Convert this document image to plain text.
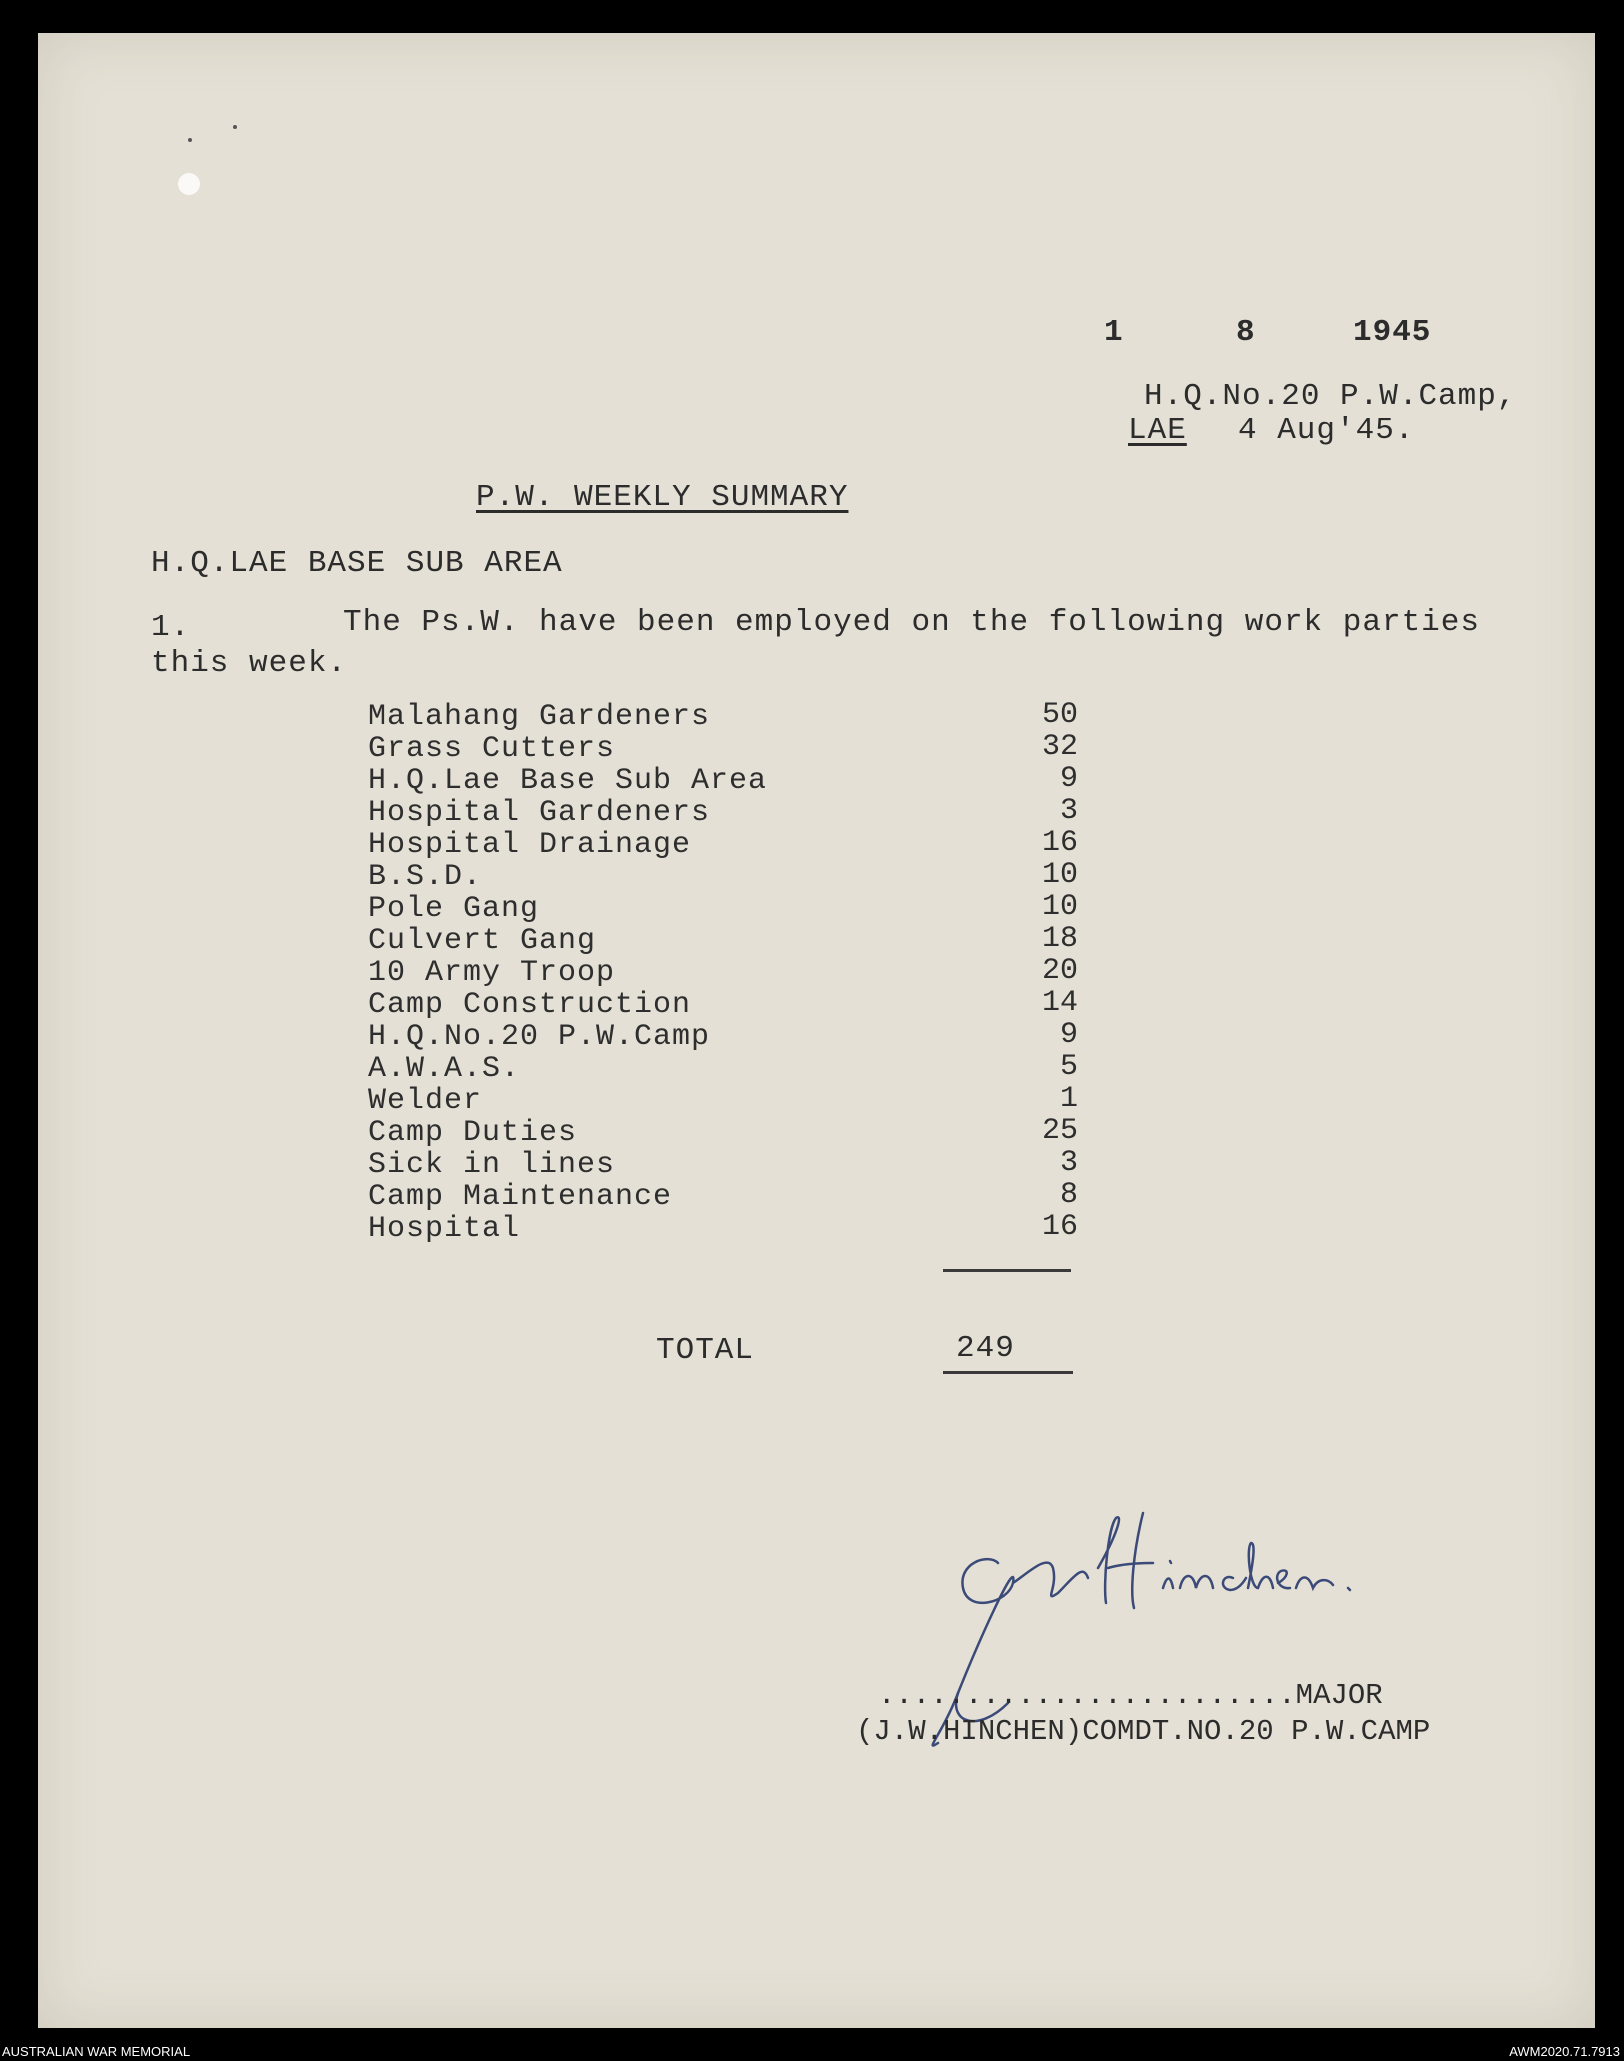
1	8	1945
H.Q.No.20 P.W.Camp,
LAE 4 Aug'45.
P.W. WEEKLY SUMMARY
H.Q.LAE BASE SUB AREA
1.	The Ps.W. have been employed on the following work parties
this week.
Malahang Gardeners	50
Grass Cutters	32
H.Q.Lae Base Sub Area	9
Hospital Gardeners	3
Hospital Drainage	16
B.S.D.	10
Pole Gang	10
Culvert Gang	18
10 Army Troop	20
Camp Construction	14
H.Q.No.20 P.W.Camp	9
A.W.A.S.	5
Welder	1
Camp Duties	25
Sick in lines	3
Camp Maintenance	8
Hospital	16
TOTAL	249
........................MAJOR
(J.W.HINCHEN)COMDT.NO.20 P.W.CAMP
AUSTRALIAN WAR MEMORIAL	AWM2020.71.7913
